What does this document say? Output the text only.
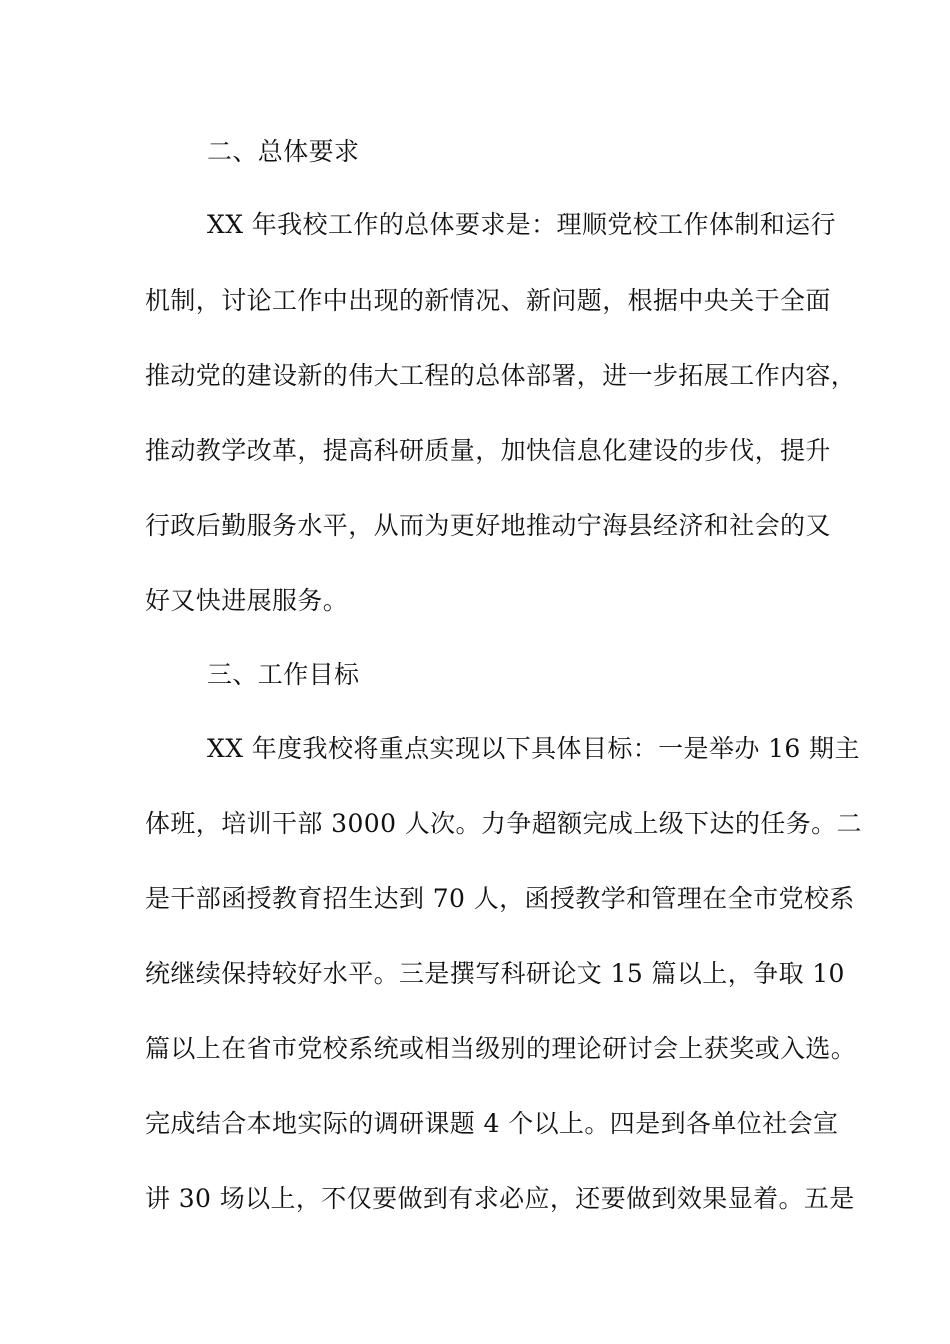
二、总体要求

XX 年我校工作的总体要求是：理顺党校工作体制和运行

机制，讨论工作中出现的新情况、新问题，根据中央关于全面

推动党的建设新的伟大工程的总体部署，进一步拓展工作内容，

推动教学改革，提高科研质量，加快信息化建设的步伐，提升

行政后勤服务水平，从而为更好地推动宁海县经济和社会的又

好又快进展服务。

三、工作目标

XX 年度我校将重点实现以下具体目标：一是举办 16 期主

体班，培训干部 3000 人次。力争超额完成上级下达的任务。二

是干部函授教育招生达到 70 人，函授教学和管理在全市党校系

统继续保持较好水平。三是撰写科研论文 15 篇以上，争取 10

篇以上在省市党校系统或相当级别的理论研讨会上获奖或入选。

完成结合本地实际的调研课题 4 个以上。四是到各单位社会宣

讲 30 场以上，不仅要做到有求必应，还要做到效果显着。五是
